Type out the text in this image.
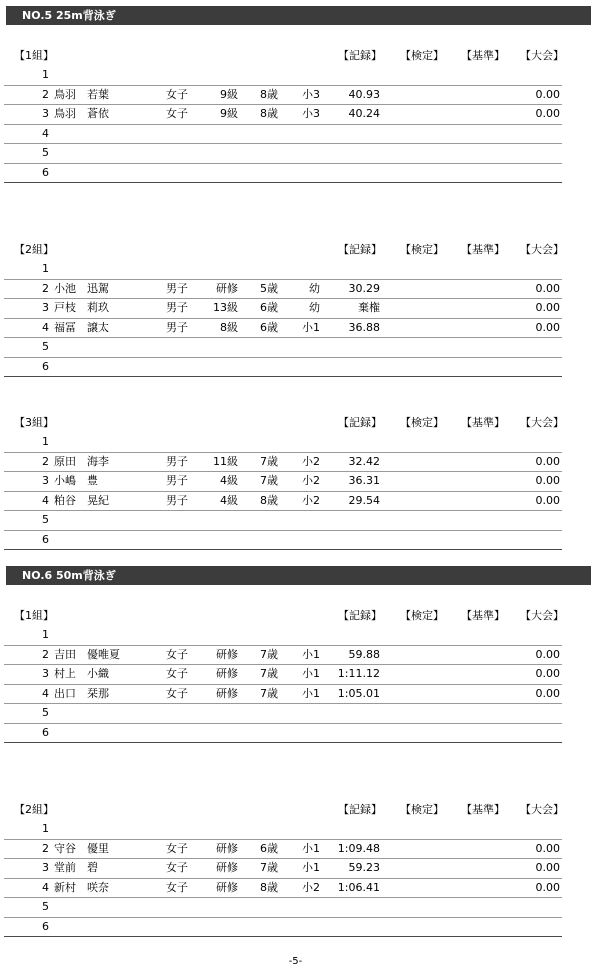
NO.5 25m背泳ぎ
【1組】	【記録】 【検定】 【基準】 【大会】
1
2 鳥羽　若葉	女子	9級	8歳	小3	40.93	0.00
3 鳥羽　蒼依	女子	9級	8歳	小3	40.24	0.00
4
5
6
【2組】	【記録】 【検定】 【基準】 【大会】
1
2 小池　迅駕	男子	研修	5歳	幼	30.29	0.00
3 戸枝　莉玖	男子	13級	6歳	幼	棄権	0.00
4 福冨　譲太	男子	8級	6歳	小1	36.88	0.00
5
6
【3組】	【記録】 【検定】 【基準】 【大会】
1
2 原田　海李	男子	11級	7歳	小2	32.42	0.00
3 小嶋　豊	男子	4級	7歳	小2	36.31	0.00
4 粕谷　晃紀	男子	4級	8歳	小2	29.54	0.00
5
6
NO.6 50m背泳ぎ
【1組】	【記録】 【検定】 【基準】 【大会】
1
2 吉田　優唯夏	女子	研修	7歳	小1	59.88	0.00
3 村上　小織	女子	研修	7歳	小1	1:11.12	0.00
4 出口　栞那	女子	研修	7歳	小1	1:05.01	0.00
5
6
【2組】	【記録】 【検定】 【基準】 【大会】
1
2 守谷　優里	女子	研修	6歳	小1	1:09.48	0.00
3 堂前　碧	女子	研修	7歳	小1	59.23	0.00
4 新村　咲奈	女子	研修	8歳	小2	1:06.41	0.00
5
6
-5-
